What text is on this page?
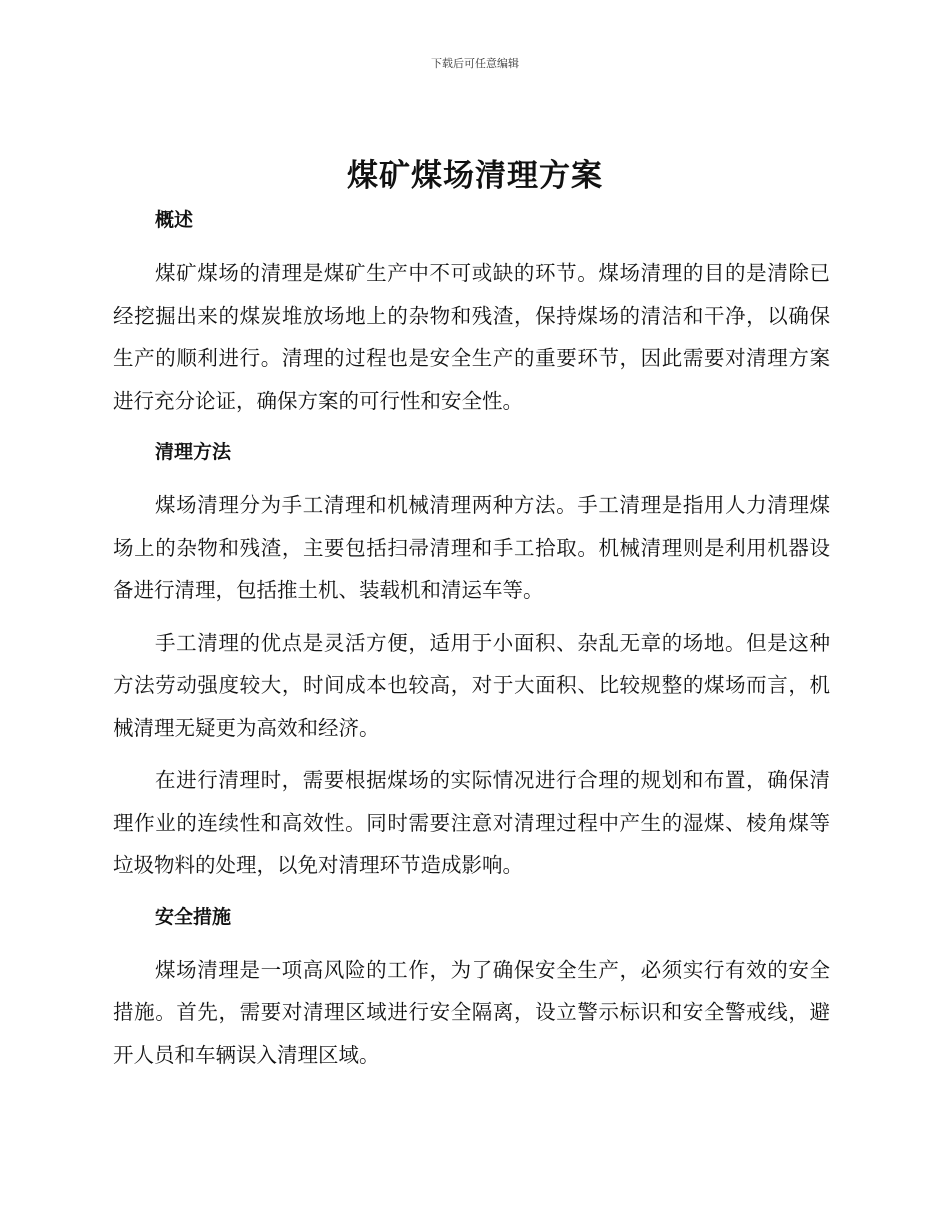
下载后可任意编辑
煤矿煤场清理方案
概述

煤矿煤场的清理是煤矿生产中不可或缺的环节。煤场清理的目的是清除已经挖掘出来的煤炭堆放场地上的杂物和残渣，保持煤场的清洁和干净，以确保生产的顺利进行。清理的过程也是安全生产的重要环节，因此需要对清理方案进行充分论证，确保方案的可行性和安全性。

清理方法

煤场清理分为手工清理和机械清理两种方法。手工清理是指用人力清理煤场上的杂物和残渣，主要包括扫帚清理和手工拾取。机械清理则是利用机器设备进行清理，包括推土机、装载机和清运车等。

手工清理的优点是灵活方便，适用于小面积、杂乱无章的场地。但是这种方法劳动强度较大，时间成本也较高，对于大面积、比较规整的煤场而言，机械清理无疑更为高效和经济。

在进行清理时，需要根据煤场的实际情况进行合理的规划和布置，确保清理作业的连续性和高效性。同时需要注意对清理过程中产生的湿煤、棱角煤等垃圾物料的处理，以免对清理环节造成影响。

安全措施

煤场清理是一项高风险的工作，为了确保安全生产，必须实行有效的安全措施。首先，需要对清理区域进行安全隔离，设立警示标识和安全警戒线，避开人员和车辆误入清理区域。
